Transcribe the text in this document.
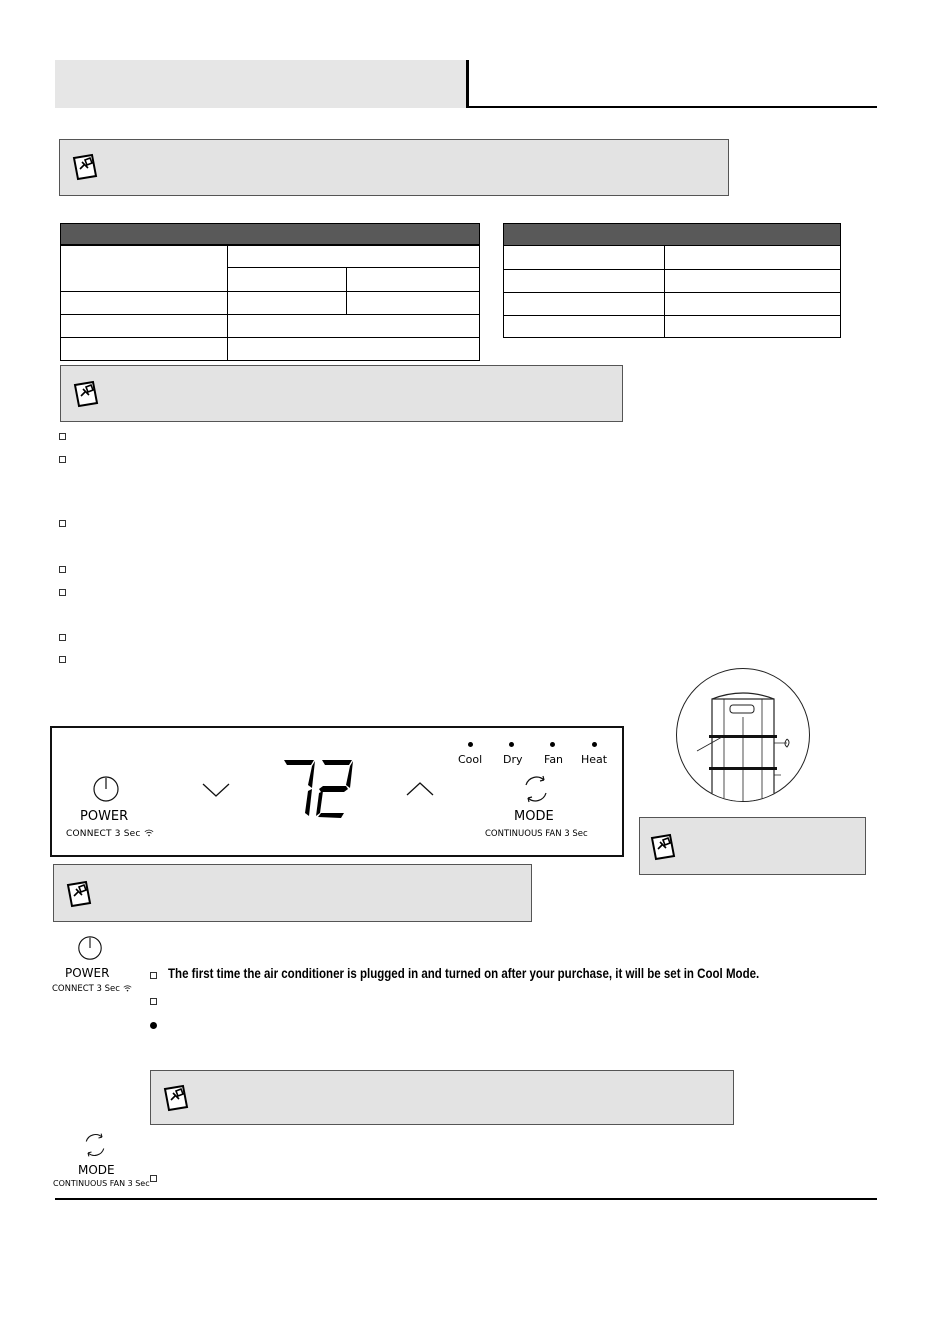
Cool Dry Fan Heat
POWER
CONNECT 3 Sec
MODE
CONTINUOUS FAN 3 Sec
POWER
CONNECT 3 Sec
The first time the air conditioner is plugged in and turned on after your purchase, it will be set in Cool Mode.
MODE
CONTINUOUS FAN 3 Sec
